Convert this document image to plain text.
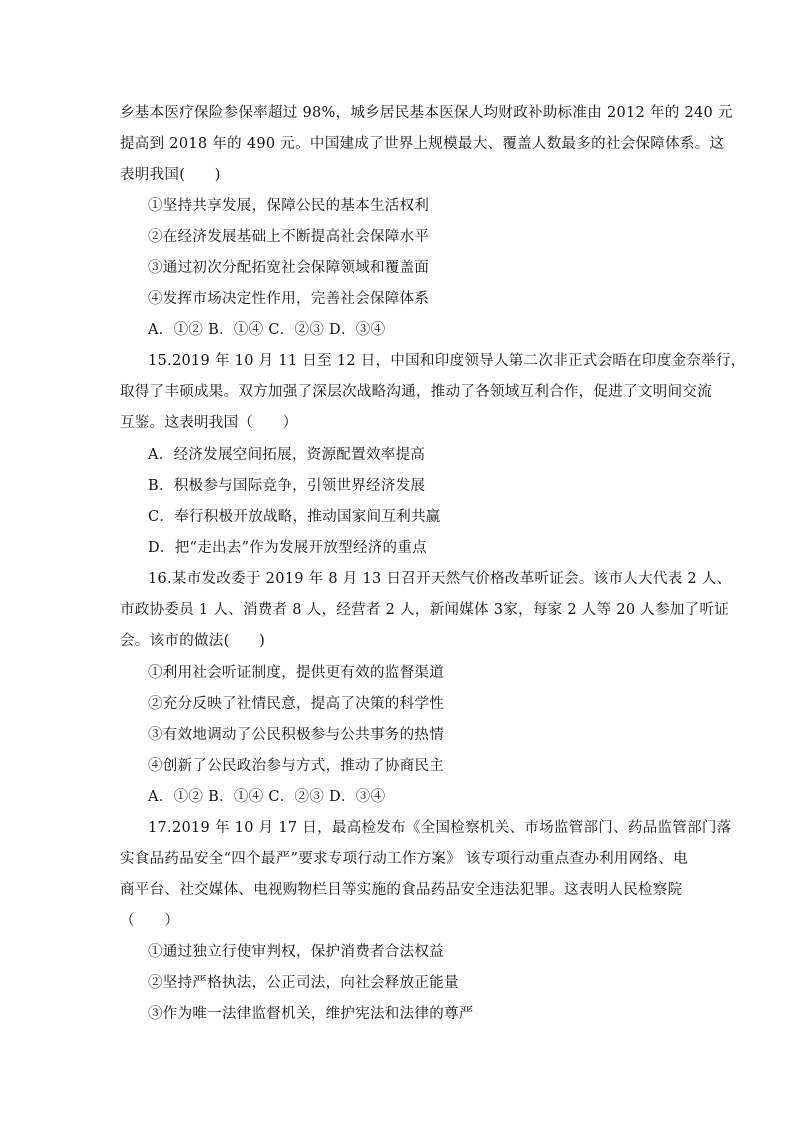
乡基本医疗保险参保率超过 98%，城乡居民基本医保人均财政补助标准由 2012 年的 240 元
提高到 2018 年的 490 元。中国建成了世界上规模最大、覆盖人数最多的社会保障体系。这
表明我国(　　)
①坚持共享发展，保障公民的基本生活权利
②在经济发展基础上不断提高社会保障水平
③通过初次分配拓宽社会保障领域和覆盖面
④发挥市场决定性作用，完善社会保障体系
A．①② B．①④ C．②③ D．③④
15.2019 年 10 月 11 日至 12 日，中国和印度领导人第二次非正式会晤在印度金奈举行，
取得了丰硕成果。双方加强了深层次战略沟通，推动了各领域互利合作，促进了文明间交流
互鉴。这表明我国（　　）
A．经济发展空间拓展，资源配置效率提高
B．积极参与国际竞争，引领世界经济发展
C．奉行积极开放战略，推动国家间互利共赢
D．把“走出去”作为发展开放型经济的重点
16.某市发改委于 2019 年 8 月 13 日召开天然气价格改革听证会。该市人大代表 2 人、
市政协委员 1 人、消费者 8 人，经营者 2 人，新闻媒体 3家，每家 2 人等 20 人参加了听证
会。该市的做法(　　)
①利用社会听证制度，提供更有效的监督渠道
②充分反映了社情民意，提高了决策的科学性
③有效地调动了公民积极参与公共事务的热情
④创新了公民政治参与方式，推动了协商民主
A．①② B．①④ C．②③ D．③④
17.2019 年 10 月 17 日，最高检发布《全国检察机关、市场监管部门、药品监管部门落
实食品药品安全“四个最严”要求专项行动工作方案》 该专项行动重点查办利用网络、电
商平台、社交媒体、电视购物栏目等实施的食品药品安全违法犯罪。这表明人民检察院
（　　）
①通过独立行使审判权，保护消费者合法权益
②坚持严格执法，公正司法，向社会释放正能量
③作为唯一法律监督机关，维护宪法和法律的尊严
